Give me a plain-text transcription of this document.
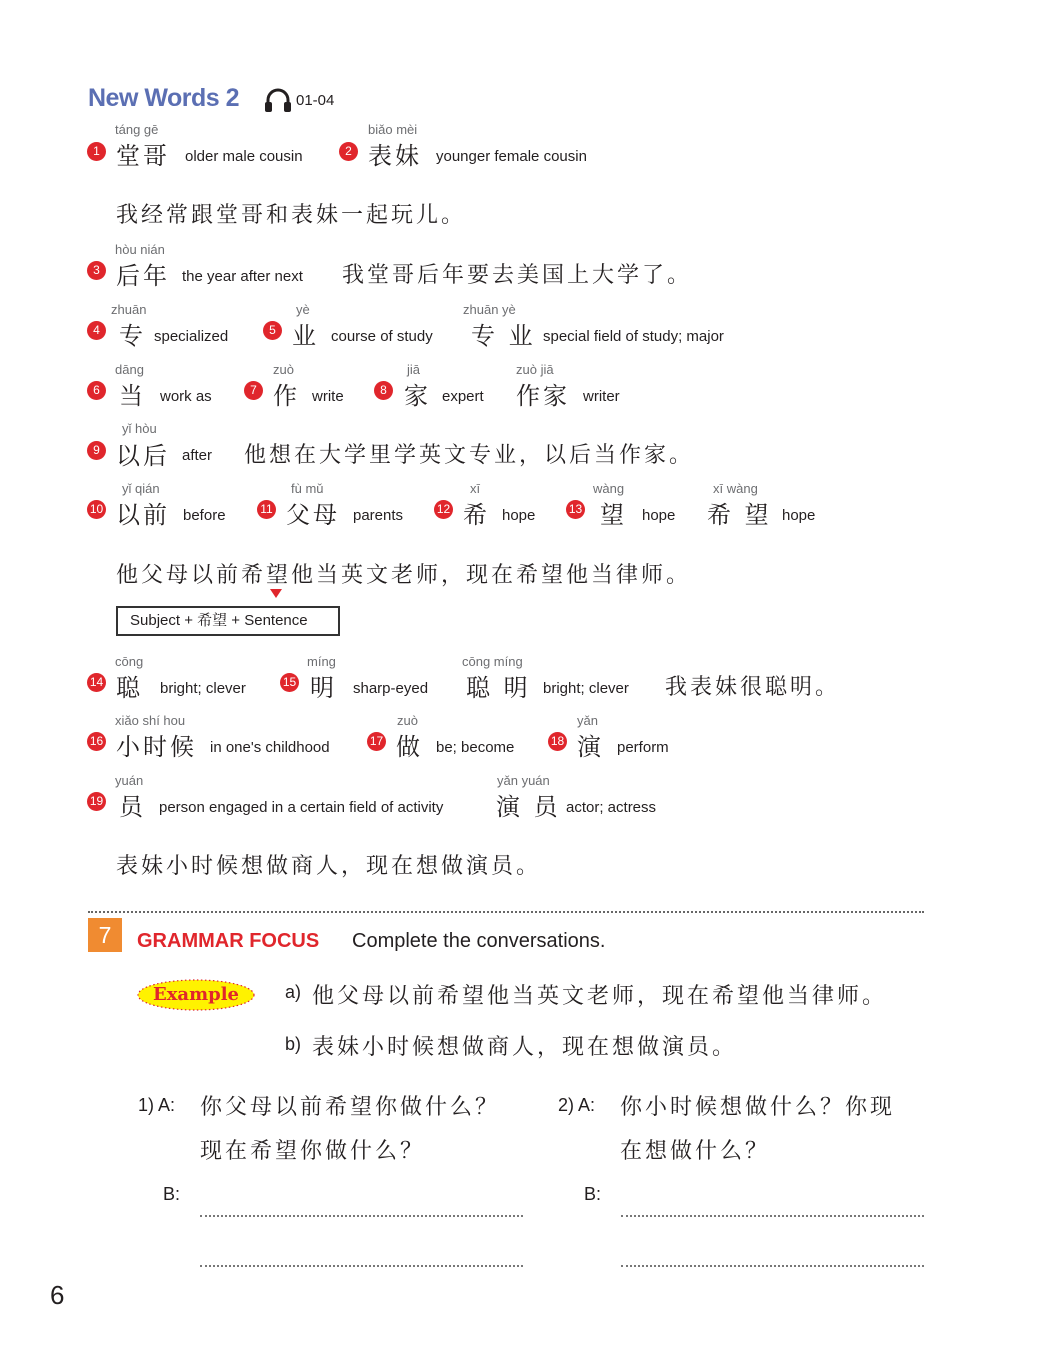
New Words 2	01-04
táng gē
1 堂哥 older male cousin
biǎo mèi
2 表妹 younger female cousin
我经常跟堂哥和表妹一起玩儿。
hòu nián
3 后年 the year after next 我堂哥后年要去美国上大学了。
zhuān
4 专 specialized
yè
5 业 course of study
zhuān yè
专 业 special field of study; major
dāng
6 当 work as
zuò
7 作 write
jiā
8 家 expert
zuò jiā
作家 writer
yǐ hòu
9 以后 after 他想在大学里学英文专业，以后当作家。
yǐ qián
10 以前 before
fù mǔ
11 父母 parents
xī
12 希 hope
wàng
13 望 hope
xī wàng
希 望 hope
他父母以前希望他当英文老师，现在希望他当律师。
Subject + 希望 + Sentence
cōng
14 聪 bright; clever
míng
15 明 sharp-eyed
cōng míng
聪 明 bright; clever 我表妹很聪明。
xiǎo shí hou
16 小时候 in one's childhood
zuò
17 做 be; become
yǎn
18 演 perform
yuán
19 员 person engaged in a certain field of activity
yǎn yuán
演 员 actor; actress
表妹小时候想做商人，现在想做演员。
7	GRAMMAR FOCUS Complete the conversations.
Example	a) 他父母以前希望他当英文老师，现在希望他当律师。
b) 表妹小时候想做商人，现在想做演员。
1) A: 你父母以前希望你做什么？
现在希望你做什么？
B:
2) A: 你小时候想做什么？你现
在想做什么？
B:
6
